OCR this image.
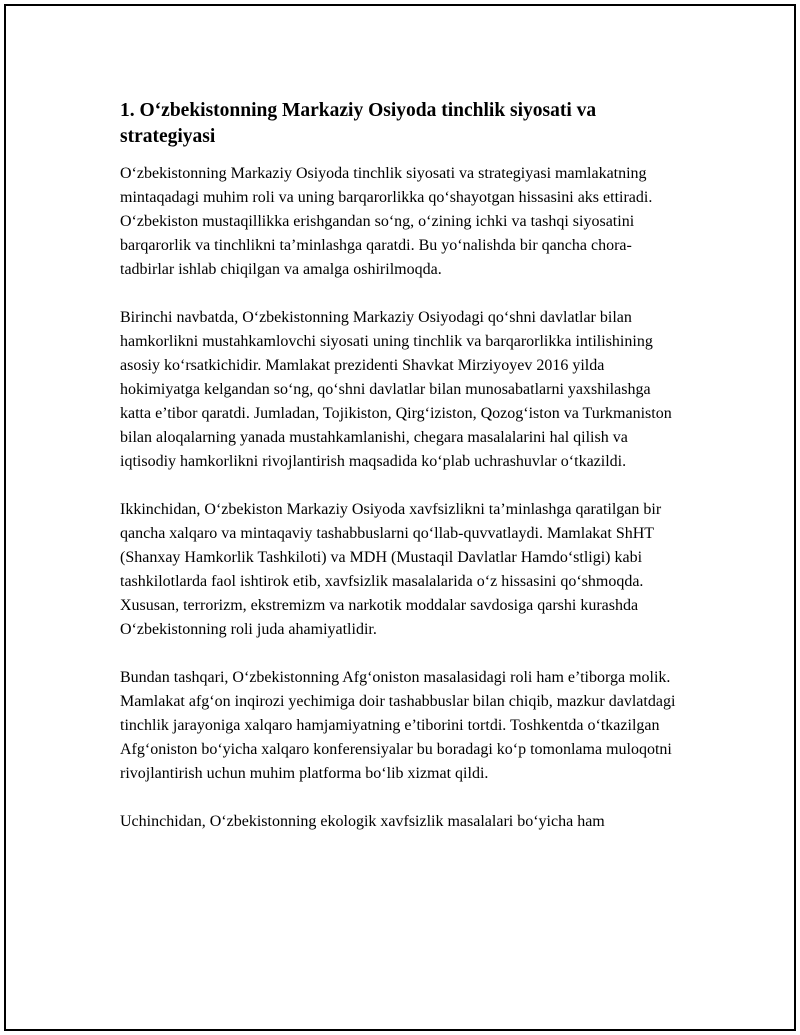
1. O‘zbekistonning Markaziy Osiyoda tinchlik siyosati va strategiyasi

O‘zbekistonning Markaziy Osiyoda tinchlik siyosati va strategiyasi mamlakatning mintaqadagi muhim roli va uning barqarorlikka qo‘shayotgan hissasini aks ettiradi. O‘zbekiston mustaqillikka erishgandan so‘ng, o‘zining ichki va tashqi siyosatini barqarorlik va tinchlikni ta’minlashga qaratdi. Bu yo‘nalishda bir qancha chora-tadbirlar ishlab chiqilgan va amalga oshirilmoqda.

Birinchi navbatda, O‘zbekistonning Markaziy Osiyodagi qo‘shni davlatlar bilan hamkorlikni mustahkamlovchi siyosati uning tinchlik va barqarorlikka intilishining asosiy ko‘rsatkichidir. Mamlakat prezidenti Shavkat Mirziyoyev 2016 yilda hokimiyatga kelgandan so‘ng, qo‘shni davlatlar bilan munosabatlarni yaxshilashga katta e’tibor qaratdi. Jumladan, Tojikiston, Qirg‘iziston, Qozog‘iston va Turkmaniston bilan aloqalarning yanada mustahkamlanishi, chegara masalalarini hal qilish va iqtisodiy hamkorlikni rivojlantirish maqsadida ko‘plab uchrashuvlar o‘tkazildi.

Ikkinchidan, O‘zbekiston Markaziy Osiyoda xavfsizlikni ta’minlashga qaratilgan bir qancha xalqaro va mintaqaviy tashabbuslarni qo‘llab-quvvatlaydi. Mamlakat ShHT (Shanxay Hamkorlik Tashkiloti) va MDH (Mustaqil Davlatlar Hamdo‘stligi) kabi tashkilotlarda faol ishtirok etib, xavfsizlik masalalarida o‘z hissasini qo‘shmoqda. Xususan, terrorizm, ekstremizm va narkotik moddalar savdosiga qarshi kurashda O‘zbekistonning roli juda ahamiyatlidir.

Bundan tashqari, O‘zbekistonning Afg‘oniston masalasidagi roli ham e’tiborga molik. Mamlakat afg‘on inqirozi yechimiga doir tashabbuslar bilan chiqib, mazkur davlatdagi tinchlik jarayoniga xalqaro hamjamiyatning e’tiborini tortdi. Toshkentda o‘tkazilgan Afg‘oniston bo‘yicha xalqaro konferensiyalar bu boradagi ko‘p tomonlama muloqotni rivojlantirish uchun muhim platforma bo‘lib xizmat qildi.

Uchinchidan, O‘zbekistonning ekologik xavfsizlik masalalari bo‘yicha ham
